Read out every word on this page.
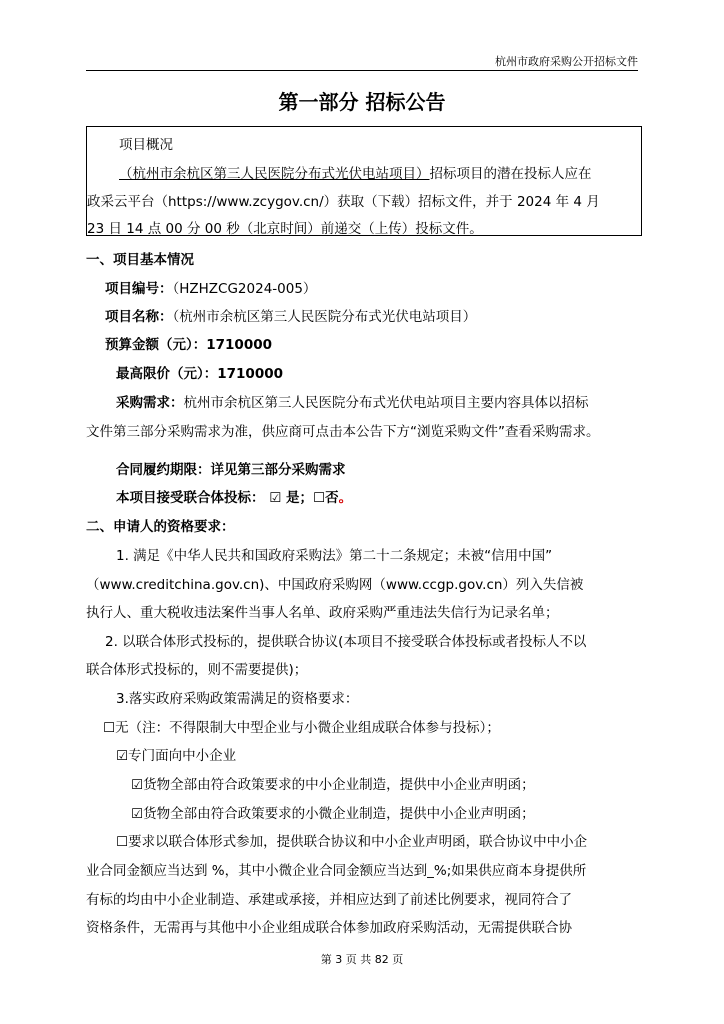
杭州市政府采购公开招标文件
第一部分 招标公告
项目概况
（杭州市余杭区第三人民医院分布式光伏电站项目）招标项目的潜在投标人应在
政采云平台（https://www.zcygov.cn/）获取（下载）招标文件，并于 2024 年 4 月
23 日 14 点 00 分 00 秒（北京时间）前递交（上传）投标文件。
一、项目基本情况
项目编号：（HZHZCG2024-005）
项目名称：（杭州市余杭区第三人民医院分布式光伏电站项目）
预算金额（元）：1710000
最高限价（元）：1710000
采购需求：杭州市余杭区第三人民医院分布式光伏电站项目主要内容具体以招标
文件第三部分采购需求为准，供应商可点击本公告下方“浏览采购文件”查看采购需求。
合同履约期限：详见第三部分采购需求
本项目接受联合体投标： ☑ 是；☐否。
二、申请人的资格要求：
1. 满足《中华人民共和国政府采购法》第二十二条规定；未被“信用中国”
（www.creditchina.gov.cn)、中国政府采购网（www.ccgp.gov.cn）列入失信被
执行人、重大税收违法案件当事人名单、政府采购严重违法失信行为记录名单；
2. 以联合体形式投标的，提供联合协议(本项目不接受联合体投标或者投标人不以
联合体形式投标的，则不需要提供)；
3.落实政府采购政策需满足的资格要求：
☐无（注：不得限制大中型企业与小微企业组成联合体参与投标）；
☑专门面向中小企业
☑货物全部由符合政策要求的中小企业制造，提供中小企业声明函；
☑货物全部由符合政策要求的小微企业制造，提供中小企业声明函；
☐要求以联合体形式参加，提供联合协议和中小企业声明函，联合协议中中小企
业合同金额应当达到 %，其中小微企业合同金额应当达到_%;如果供应商本身提供所
有标的均由中小企业制造、承建或承接，并相应达到了前述比例要求，视同符合了
资格条件，无需再与其他中小企业组成联合体参加政府采购活动，无需提供联合协
第 3 页 共 82 页
